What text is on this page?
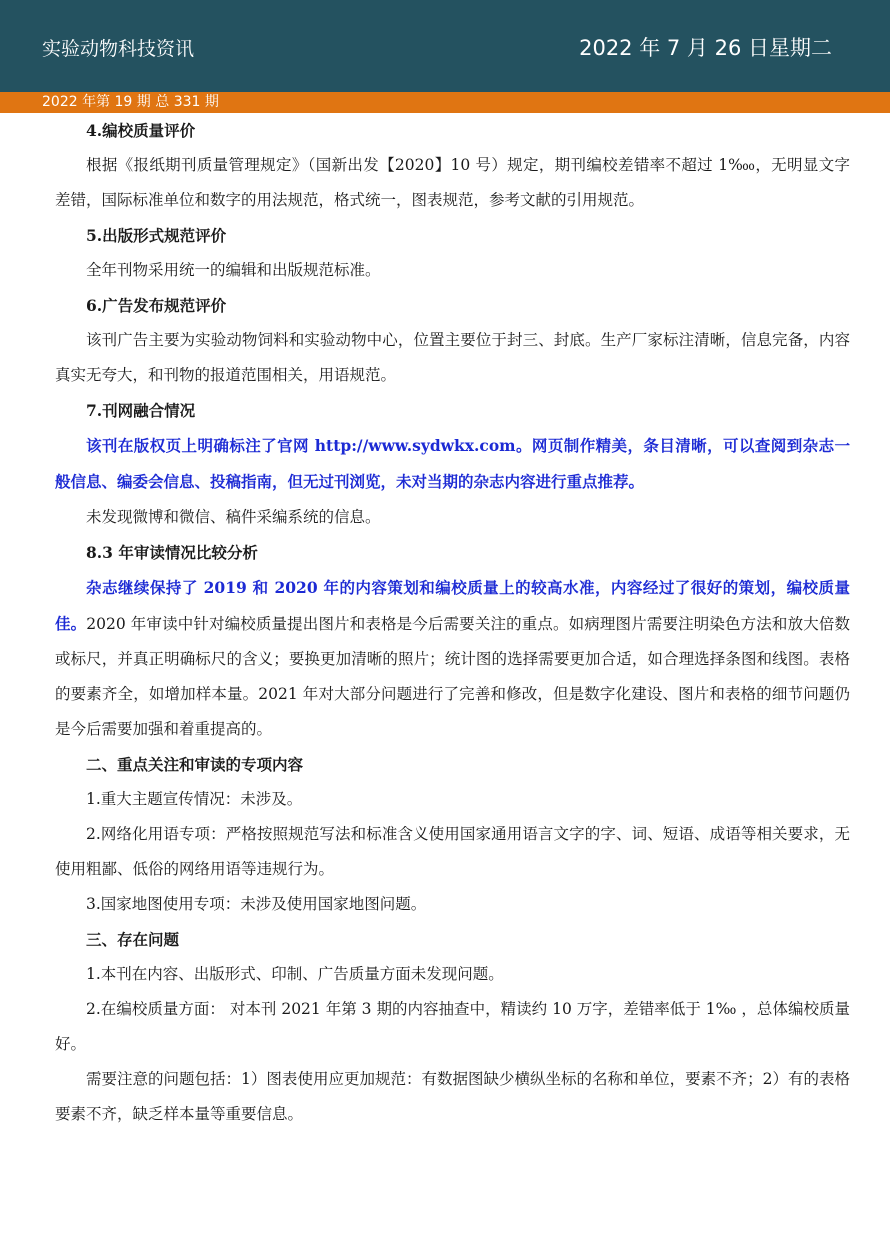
实验动物科技资讯	2022 年 7 月 26 日星期二
2022 年第 19 期 总 331 期

4.编校质量评价

根据《报纸期刊质量管理规定》（国新出发【2020】10 号）规定，期刊编校差错率不超过 1‱，无明显文字差错，国际标准单位和数字的用法规范，格式统一，图表规范，参考文献的引用规范。

5.出版形式规范评价

全年刊物采用统一的编辑和出版规范标准。

6.广告发布规范评价

该刊广告主要为实验动物饲料和实验动物中心，位置主要位于封三、封底。生产厂家标注清晰，信息完备，内容真实无夸大，和刊物的报道范围相关，用语规范。

7.刊网融合情况

该刊在版权页上明确标注了官网 http://www.sydwkx.com。网页制作精美，条目清晰，可以查阅到杂志一般信息、编委会信息、投稿指南，但无过刊浏览，未对当期的杂志内容进行重点推荐。

未发现微博和微信、稿件采编系统的信息。

8.3 年审读情况比较分析

杂志继续保持了 2019 和 2020 年的内容策划和编校质量上的较高水准，内容经过了很好的策划，编校质量佳。2020 年审读中针对编校质量提出图片和表格是今后需要关注的重点。如病理图片需要注明染色方法和放大倍数或标尺，并真正明确标尺的含义；要换更加清晰的照片；统计图的选择需要更加合适，如合理选择条图和线图。表格的要素齐全，如增加样本量。2021 年对大部分问题进行了完善和修改，但是数字化建设、图片和表格的细节问题仍是今后需要加强和着重提高的。

二、重点关注和审读的专项内容

1.重大主题宣传情况：未涉及。

2.网络化用语专项：严格按照规范写法和标准含义使用国家通用语言文字的字、词、短语、成语等相关要求，无使用粗鄙、低俗的网络用语等违规行为。

3.国家地图使用专项：未涉及使用国家地图问题。

三、存在问题

1.本刊在内容、出版形式、印制、广告质量方面未发现问题。

2.在编校质量方面： 对本刊 2021 年第 3 期的内容抽查中，精读约 10 万字，差错率低于 1‰ ，总体编校质量好。

需要注意的问题包括：1）图表使用应更加规范：有数据图缺少横纵坐标的名称和单位，要素不齐；2）有的表格要素不齐，缺乏样本量等重要信息。
